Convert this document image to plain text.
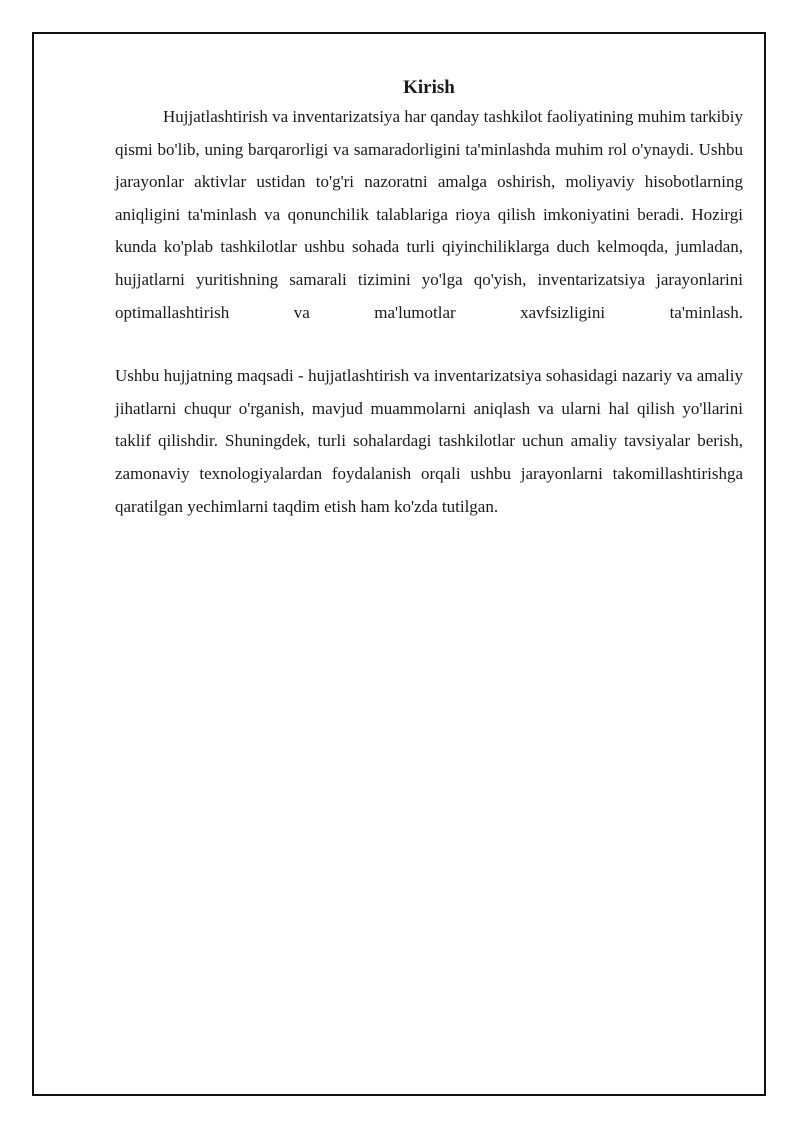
Kirish

Hujjatlashtirish va inventarizatsiya har qanday tashkilot faoliyatining muhim tarkibiy qismi bo'lib, uning barqarorligi va samaradorligini ta'minlashda muhim rol o'ynaydi. Ushbu jarayonlar aktivlar ustidan to'g'ri nazoratni amalga oshirish, moliyaviy hisobotlarning aniqligini ta'minlash va qonunchilik talablariga rioya qilish imkoniyatini beradi. Hozirgi kunda ko'plab tashkilotlar ushbu sohada turli qiyinchiliklarga duch kelmoqda, jumladan, hujjatlarni yuritishning samarali tizimini yo'lga qo'yish, inventarizatsiya jarayonlarini optimallashtirish va ma'lumotlar xavfsizligini ta'minlash.

Ushbu hujjatning maqsadi - hujjatlashtirish va inventarizatsiya sohasidagi nazariy va amaliy jihatlarni chuqur o'rganish, mavjud muammolarni aniqlash va ularni hal qilish yo'llarini taklif qilishdir. Shuningdek, turli sohalardagi tashkilotlar uchun amaliy tavsiyalar berish, zamonaviy texnologiyalardan foydalanish orqali ushbu jarayonlarni takomillashtirishga qaratilgan yechimlarni taqdim etish ham ko'zda tutilgan.
